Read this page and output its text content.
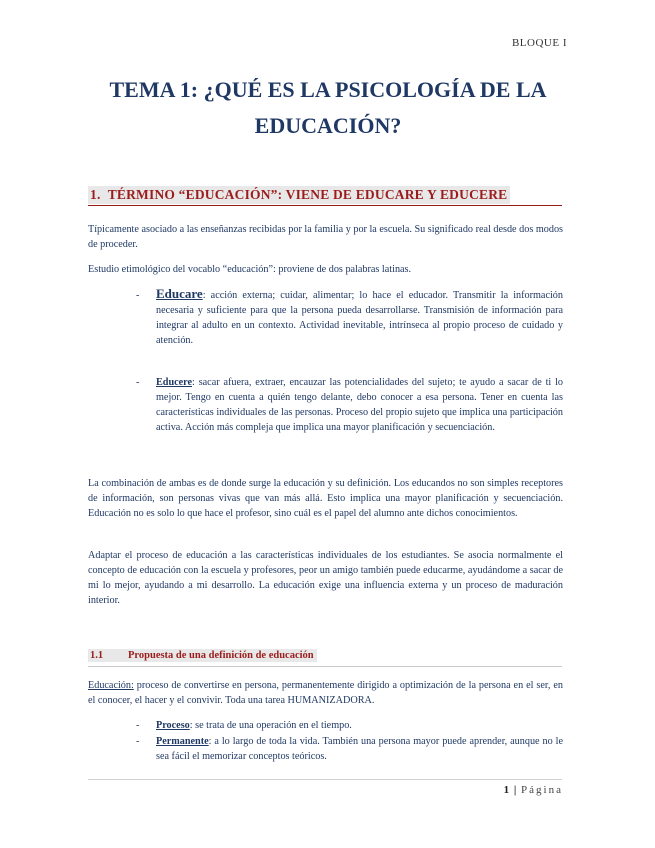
BLOQUE I
TEMA 1: ¿QUÉ ES LA PSICOLOGÍA DE LA
EDUCACIÓN?
1. TÉRMINO “EDUCACIÓN”: VIENE DE EDUCARE Y EDUCERE
Típicamente asociado a las enseñanzas recibidas por la familia y por la escuela. Su significado real desde dos modos de proceder.
Estudio etimológico del vocablo “educación”: proviene de dos palabras latinas.
- Educare: acción externa; cuidar, alimentar; lo hace el educador. Transmitir la información necesaria y suficiente para que la persona pueda desarrollarse. Transmisión de información para integrar al adulto en un contexto. Actividad inevitable, intrínseca al propio proceso de cuidado y atención.
- Educere: sacar afuera, extraer, encauzar las potencialidades del sujeto; te ayudo a sacar de ti lo mejor. Tengo en cuenta a quién tengo delante, debo conocer a esa persona. Tener en cuenta las características individuales de las personas. Proceso del propio sujeto que implica una participación activa. Acción más compleja que implica una mayor planificación y secuenciación.
La combinación de ambas es de donde surge la educación y su definición. Los educandos no son simples receptores de información, son personas vivas que van más allá. Esto implica una mayor planificación y secuenciación. Educación no es solo lo que hace el profesor, sino cuál es el papel del alumno ante dichos conocimientos.
Adaptar el proceso de educación a las características individuales de los estudiantes. Se asocia normalmente el concepto de educación con la escuela y profesores, peor un amigo también puede educarme, ayudándome a sacar de mi lo mejor, ayudando a mi desarrollo. La educación exige una influencia externa y un proceso de maduración interior.
1.1 Propuesta de una definición de educación
Educación: proceso de convertirse en persona, permanentemente dirigido a optimización de la persona en el ser, en el conocer, el hacer y el convivir. Toda una tarea HUMANIZADORA.
- Proceso: se trata de una operación en el tiempo.
- Permanente: a lo largo de toda la vida. También una persona mayor puede aprender, aunque no le sea fácil el memorizar conceptos teóricos.
1 | Página
